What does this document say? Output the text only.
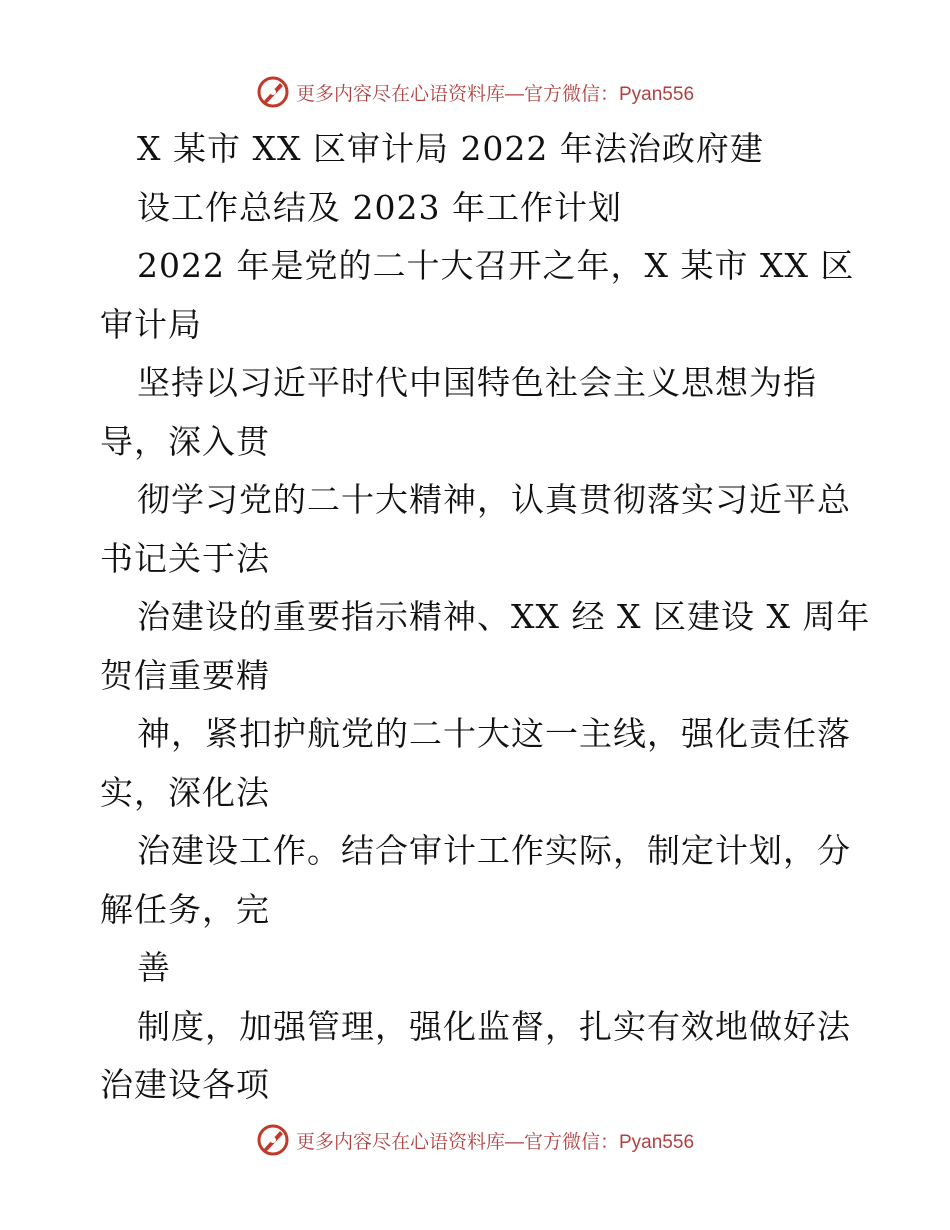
更多内容尽在心语资料库 —官方微信：Pyan556
X 某市 XX 区审计局 2022 年法治政府建
设工作总结及 2023 年工作计划
2022 年是党的二十大召开之年，X 某市 XX 区
审计局
坚持以习近平时代中国特色社会主义思想为指
导，深入贯
彻学习党的二十大精神，认真贯彻落实习近平总
书记关于法
治建设的重要指示精神、XX 经 X 区建设 X 周年
贺信重要精
神，紧扣护航党的二十大这一主线，强化责任落
实，深化法
治建设工作。结合审计工作实际，制定计划，分
解任务，完
善
制度，加强管理，强化监督，扎实有效地做好法
治建设各项
更多内容尽在心语资料库 —官方微信：Pyan556
